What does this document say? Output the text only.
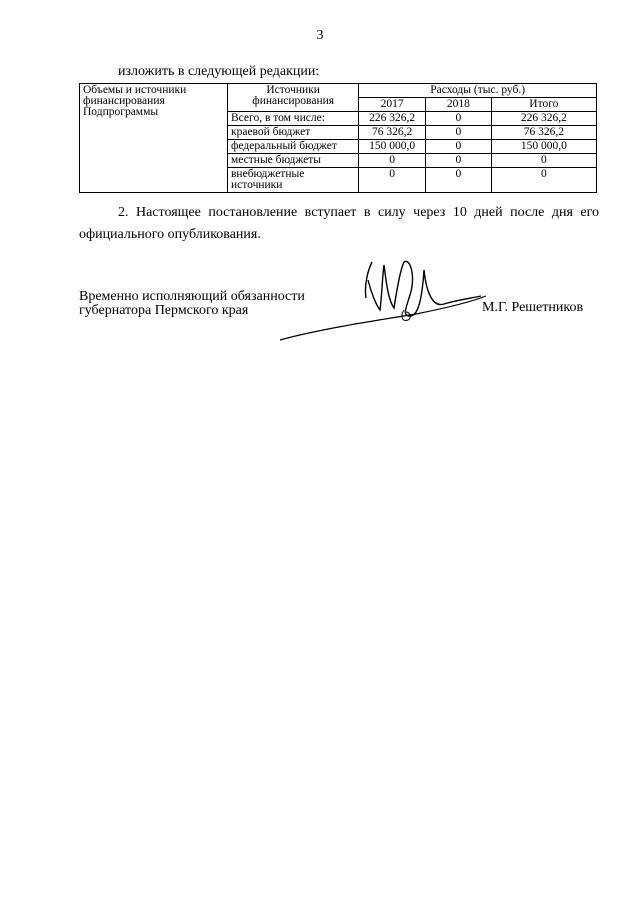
3
изложить в следующей редакции:
Объемы и источники финансирования Подпрограммы	Источники финансирования	Расходы (тыс. руб.)		
		2017	2018	Итого
	Всего, в том числе:	226 326,2	0	226 326,2
	краевой бюджет	76 326,2	0	76 326,2
	федеральный бюджет	150 000,0	0	150 000,0
	местные бюджеты	0	0	0
	внебюджетные источники	0	0	0
2. Настоящее постановление вступает в силу через 10 дней после дня его официального опубликования.
Временно исполняющий обязанности
губернатора Пермского края	М.Г. Решетников
